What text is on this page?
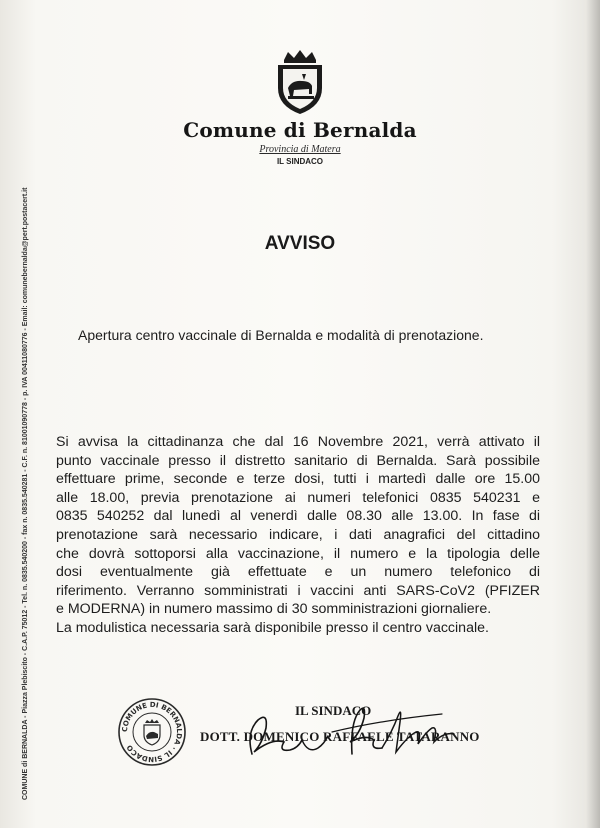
COMUNE di BERNALDA - Piazza Plebiscito - C.A.P. 75012 - Tel. n. 0835.540200 - fax n. 0835.540281 - C.F. n. 81001090778 - p. IVA 00411080776 - Email: comunebernalda@pert.postacert.it
Comune di Bernalda
Provincia di Matera
IL SINDACO
AVVISO
Apertura centro vaccinale di Bernalda e modalità di prenotazione.
Si avvisa la cittadinanza che dal 16 Novembre 2021, verrà attivato il
punto vaccinale presso il distretto sanitario di Bernalda. Sarà possibile
effettuare prime, seconde e terze dosi, tutti i martedì dalle ore 15.00
alle 18.00, previa prenotazione ai numeri telefonici 0835 540231 e
0835 540252 dal lunedì al venerdì dalle 08.30 alle 13.00. In fase di
prenotazione sarà necessario indicare, i dati anagrafici del cittadino
che dovrà sottoporsi alla vaccinazione, il numero e la tipologia delle
dosi eventualmente già effettuate e un numero telefonico di
riferimento. Verranno somministrati i vaccini anti SARS-CoV2 (PFIZER
e MODERNA) in numero massimo di 30 somministrazioni giornaliere.
La modulistica necessaria sarà disponibile presso il centro vaccinale.
COMUNE DI BERNALDA · IL SINDACO
IL SINDACO
DOTT. DOMENICO RAFFAELE TATARANNO
